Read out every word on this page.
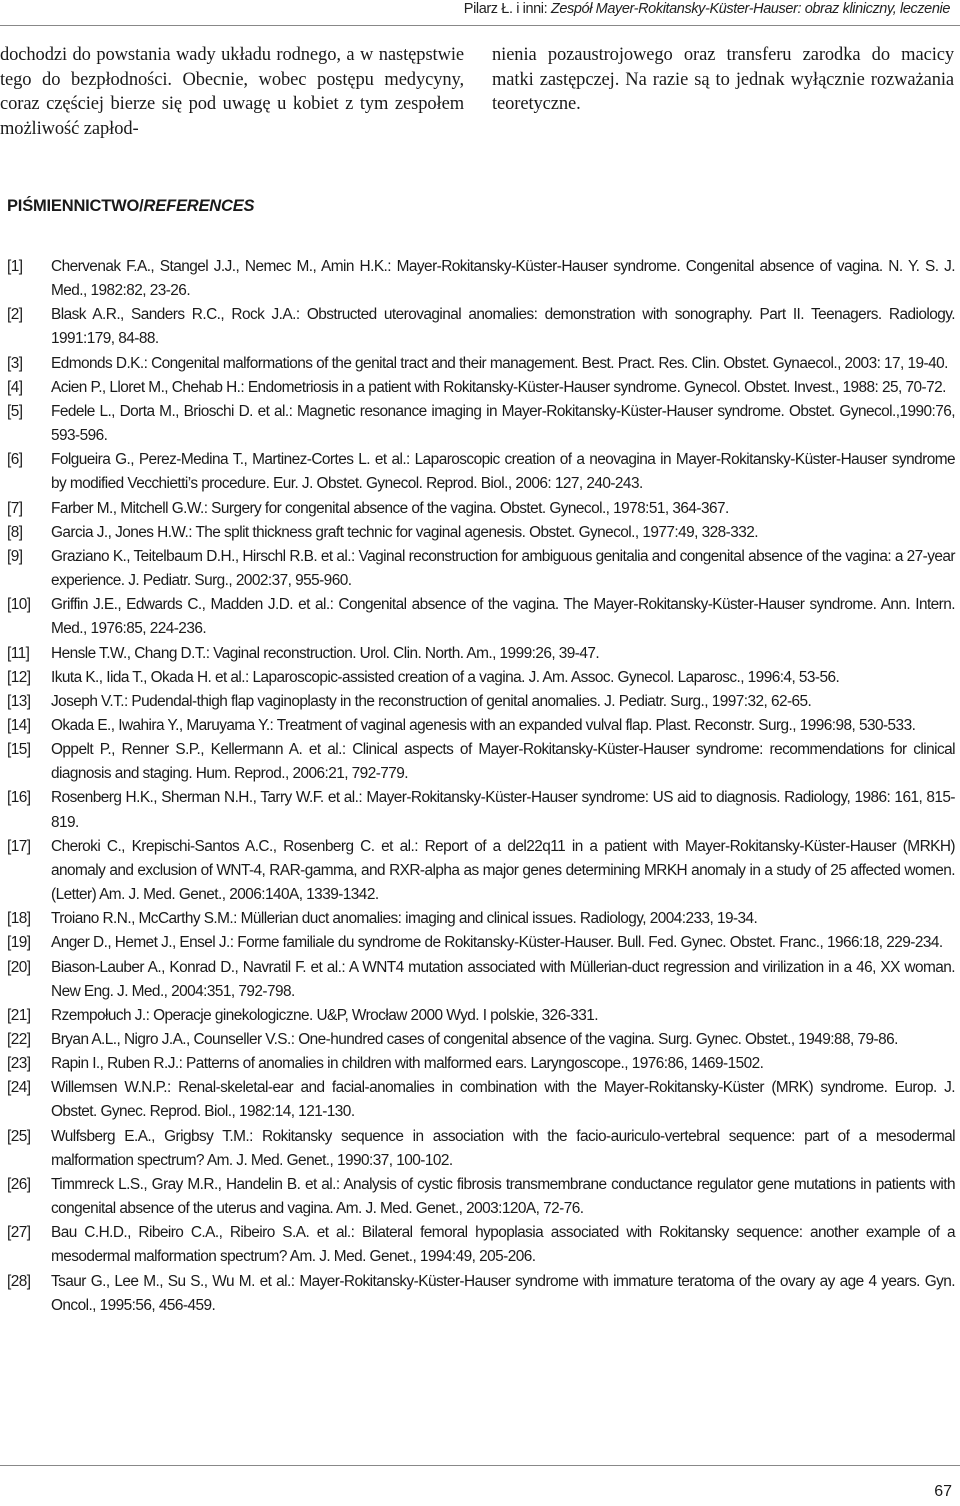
Pilarz Ł. i inni: Zespół Mayer-Rokitansky-Küster-Hauser: obraz kliniczny, leczenie
dochodzi do powstania wady układu rodnego, a w następstwie tego do bezpłodności. Obecnie, wobec postępu medycyny, coraz częściej bierze się pod uwagę u kobiet z tym zespołem możliwość zapłod-
nienia pozaustrojowego oraz transferu zarodka do macicy matki zastępczej. Na razie są to jednak wyłącznie rozważania teoretyczne.
PIŚMIENNICTWO/REFERENCES
[1]	Chervenak F.A., Stangel J.J., Nemec M., Amin H.K.: Mayer-Rokitansky-Küster-Hauser syndrome. Congenital absence of vagina. N. Y. S. J. Med., 1982:82, 23-26.
[2]	Blask A.R., Sanders R.C., Rock J.A.: Obstructed uterovaginal anomalies: demonstration with sonography. Part II. Teenagers. Radiology. 1991:179, 84-88.
[3]	Edmonds D.K.: Congenital malformations of the genital tract and their management. Best. Pract. Res. Clin. Obstet. Gynaecol., 2003: 17, 19-40.
[4]	Acien P., Lloret M., Chehab H.: Endometriosis in a patient with Rokitansky-Küster-Hauser syndrome. Gynecol. Obstet. Invest., 1988: 25, 70-72.
[5]	Fedele L., Dorta M., Brioschi D. et al.: Magnetic resonance imaging in Mayer-Rokitansky-Küster-Hauser syndrome. Obstet. Gynecol.,1990:76, 593-596.
[6]	Folgueira G., Perez-Medina T., Martinez-Cortes L. et al.: Laparoscopic creation of a neovagina in Mayer-Rokitansky-Küster-Hauser syndrome by modified Vecchietti’s procedure. Eur. J. Obstet. Gynecol. Reprod. Biol., 2006: 127, 240-243.
[7]	Farber M., Mitchell G.W.: Surgery for congenital absence of the vagina. Obstet. Gynecol., 1978:51, 364-367.
[8]	Garcia J., Jones H.W.: The split thickness graft technic for vaginal agenesis. Obstet. Gynecol., 1977:49, 328-332.
[9]	Graziano K., Teitelbaum D.H., Hirschl R.B. et al.: Vaginal reconstruction for ambiguous genitalia and congenital absence of the vagina: a 27-year experience. J. Pediatr. Surg., 2002:37, 955-960.
[10]	Griffin J.E., Edwards C., Madden J.D. et al.: Congenital absence of the vagina. The Mayer-Rokitansky-Küster-Hauser syndrome. Ann. Intern. Med., 1976:85, 224-236.
[11]	Hensle T.W., Chang D.T.: Vaginal reconstruction. Urol. Clin. North. Am., 1999:26, 39-47.
[12]	Ikuta K., Iida T., Okada H. et al.: Laparoscopic-assisted creation of a vagina. J. Am. Assoc. Gynecol. Laparosc., 1996:4, 53-56.
[13]	Joseph V.T.: Pudendal-thigh flap vaginoplasty in the reconstruction of genital anomalies. J. Pediatr. Surg., 1997:32, 62-65.
[14]	Okada E., Iwahira Y., Maruyama Y.: Treatment of vaginal agenesis with an expanded vulval flap. Plast. Reconstr. Surg., 1996:98, 530-533.
[15]	Oppelt P., Renner S.P., Kellermann A. et al.: Clinical aspects of Mayer-Rokitansky-Küster-Hauser syndrome: recommendations for clinical diagnosis and staging. Hum. Reprod., 2006:21, 792-779.
[16]	Rosenberg H.K., Sherman N.H., Tarry W.F. et al.: Mayer-Rokitansky-Küster-Hauser syndrome: US aid to diagnosis. Radiology, 1986: 161, 815-819.
[17]	Cheroki C., Krepischi-Santos A.C., Rosenberg C. et al.: Report of a del22q11 in a patient with Mayer-Rokitansky-Küster-Hauser (MRKH) anomaly and exclusion of WNT-4, RAR-gamma, and RXR-alpha as major genes determining MRKH anomaly in a study of 25 affected women. (Letter) Am. J. Med. Genet., 2006:140A, 1339-1342.
[18]	Troiano R.N., McCarthy S.M.: Müllerian duct anomalies: imaging and clinical issues. Radiology, 2004:233, 19-34.
[19]	Anger D., Hemet J., Ensel J.: Forme familiale du syndrome de Rokitansky-Küster-Hauser. Bull. Fed. Gynec. Obstet. Franc., 1966:18, 229-234.
[20]	Biason-Lauber A., Konrad D., Navratil F. et al.: A WNT4 mutation associated with Müllerian-duct regression and virilization in a 46, XX woman. New Eng. J. Med., 2004:351, 792-798.
[21]	Rzempołuch J.: Operacje ginekologiczne. U&P, Wrocław 2000 Wyd. I polskie, 326-331.
[22]	Bryan A.L., Nigro J.A., Counseller V.S.: One-hundred cases of congenital absence of the vagina. Surg. Gynec. Obstet., 1949:88, 79-86.
[23]	Rapin I., Ruben R.J.: Patterns of anomalies in children with malformed ears. Laryngoscope., 1976:86, 1469-1502.
[24]	Willemsen W.N.P.: Renal-skeletal-ear and facial-anomalies in combination with the Mayer-Rokitansky-Küster (MRK) syndrome. Europ. J. Obstet. Gynec. Reprod. Biol., 1982:14, 121-130.
[25]	Wulfsberg E.A., Grigbsy T.M.: Rokitansky sequence in association with the facio-auriculo-vertebral sequence: part of a mesodermal malformation spectrum? Am. J. Med. Genet., 1990:37, 100-102.
[26]	Timmreck L.S., Gray M.R., Handelin B. et al.: Analysis of cystic fibrosis transmembrane conductance regulator gene mutations in patients with congenital absence of the uterus and vagina. Am. J. Med. Genet., 2003:120A, 72-76.
[27]	Bau C.H.D., Ribeiro C.A., Ribeiro S.A. et al.: Bilateral femoral hypoplasia associated with Rokitansky sequence: another example of a mesodermal malformation spectrum? Am. J. Med. Genet., 1994:49, 205-206.
[28]	Tsaur G., Lee M., Su S., Wu M. et al.: Mayer-Rokitansky-Küster-Hauser syndrome with immature teratoma of the ovary ay age 4 years. Gyn. Oncol., 1995:56, 456-459.
67
